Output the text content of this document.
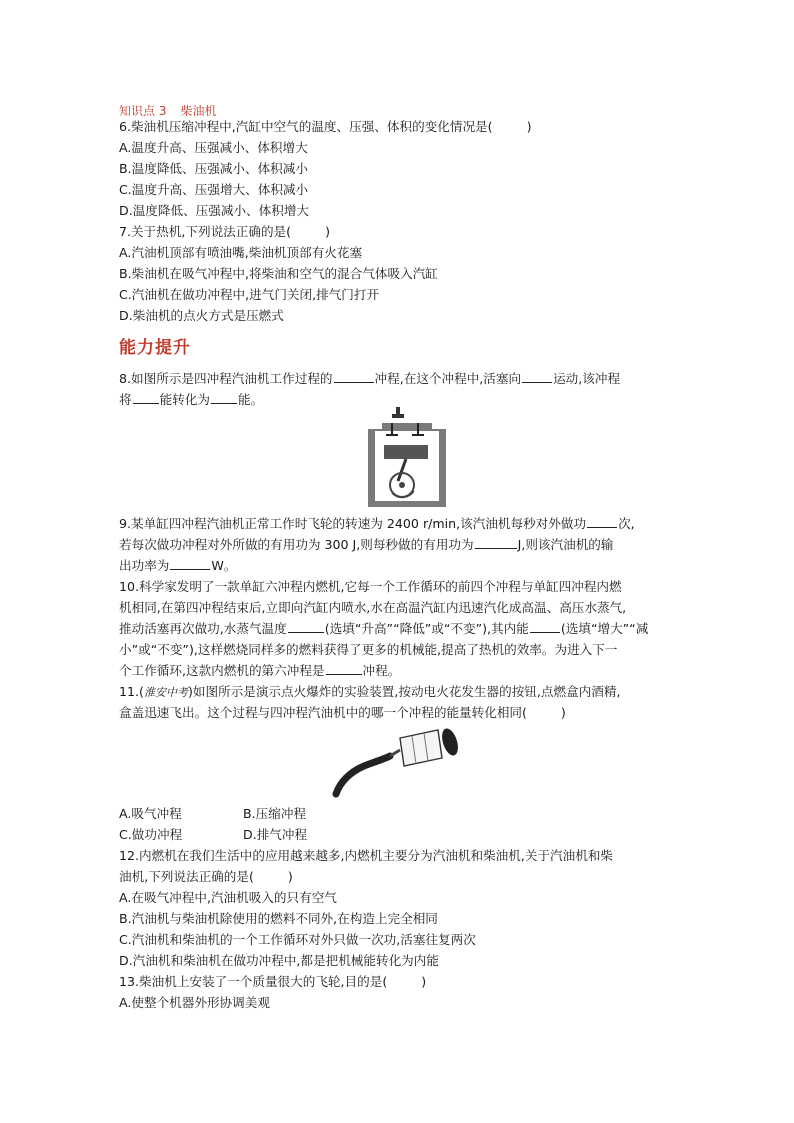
知识点 3 柴油机
6.柴油机压缩冲程中,汽缸中空气的温度、压强、体积的变化情况是(	)
A.温度升高、压强减小、体积增大
B.温度降低、压强减小、体积减小
C.温度升高、压强增大、体积减小
D.温度降低、压强减小、体积增大
7.关于热机,下列说法正确的是(	)
A.汽油机顶部有喷油嘴,柴油机顶部有火花塞
B.柴油机在吸气冲程中,将柴油和空气的混合气体吸入汽缸
C.汽油机在做功冲程中,进气门关闭,排气门打开
D.柴油机的点火方式是压燃式
能力提升
8.如图所示是四冲程汽油机工作过程的	冲程,在这个冲程中,活塞向	运动,该冲程
将 能转化为 能。
9.某单缸四冲程汽油机正常工作时飞轮的转速为 2400 r/min,该汽油机每秒对外做功	次,
若每次做功冲程对外所做的有用功为 300 J,则每秒做的有用功为	J,则该汽油机的输
出功率为	W。
10.科学家发明了一款单缸六冲程内燃机,它每一个工作循环的前四个冲程与单缸四冲程内燃
机相同,在第四冲程结束后,立即向汽缸内喷水,水在高温汽缸内迅速汽化成高温、高压水蒸气,
推动活塞再次做功,水蒸气温度	(选填“升高”“降低”或“不变”),其内能	(选填“增大”“减
小”或“不变”),这样燃烧同样多的燃料获得了更多的机械能,提高了热机的效率。为进入下一
个工作循环,这款内燃机的第六冲程是	冲程。
11.(淮安中考)如图所示是演示点火爆炸的实验装置,按动电火花发生器的按钮,点燃盒内酒精,
盒盖迅速飞出。这个过程与四冲程汽油机中的哪一个冲程的能量转化相同(	)
A.吸气冲程	B.压缩冲程
C.做功冲程	D.排气冲程
12.内燃机在我们生活中的应用越来越多,内燃机主要分为汽油机和柴油机,关于汽油机和柴
油机,下列说法正确的是(	)
A.在吸气冲程中,汽油机吸入的只有空气
B.汽油机与柴油机除使用的燃料不同外,在构造上完全相同
C.汽油机和柴油机的一个工作循环对外只做一次功,活塞往复两次
D.汽油机和柴油机在做功冲程中,都是把机械能转化为内能
13.柴油机上安装了一个质量很大的飞轮,目的是(	)
A.使整个机器外形协调美观
